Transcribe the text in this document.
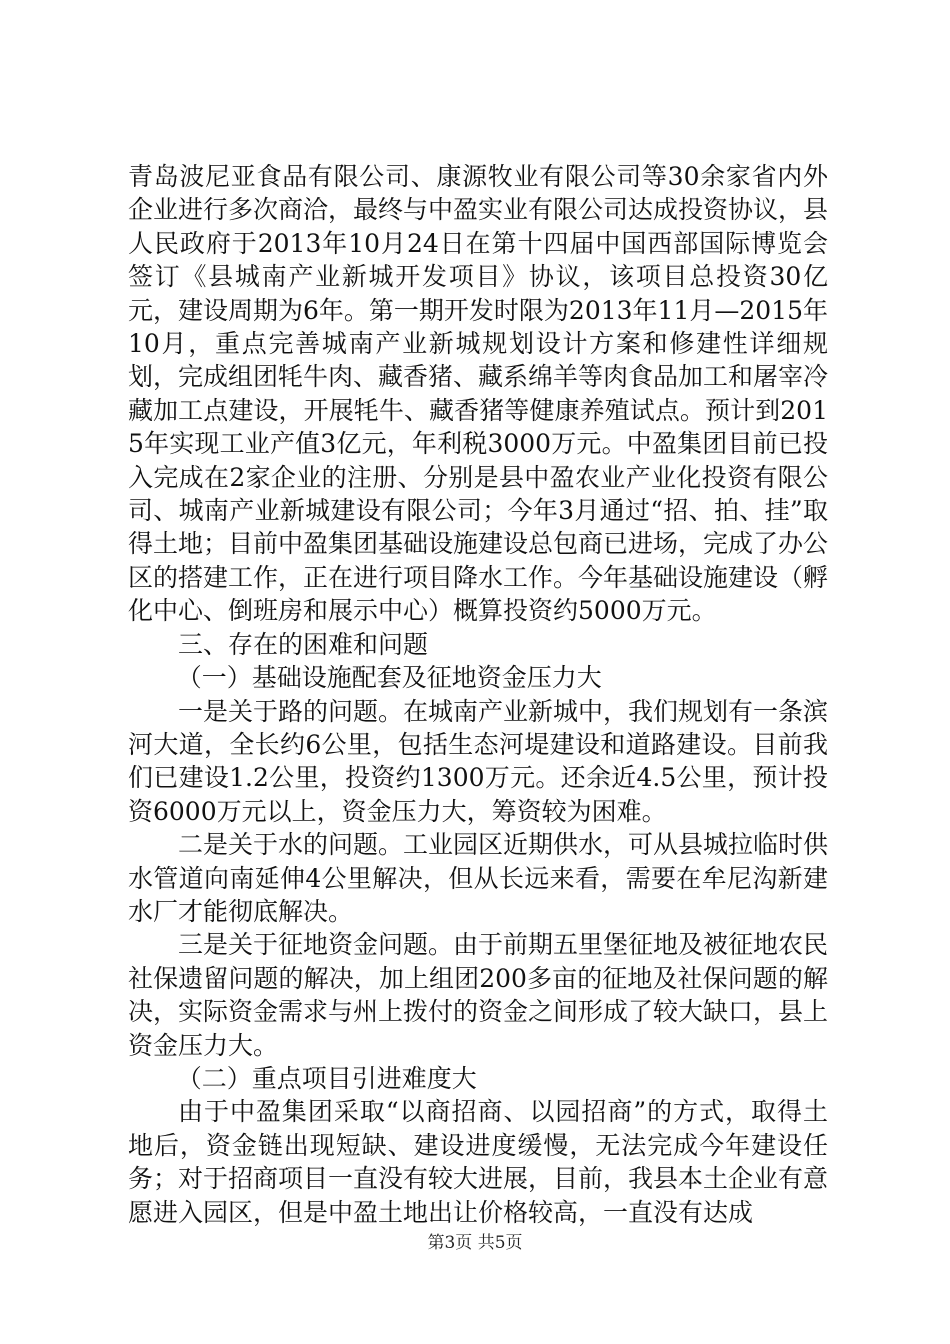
青岛波尼亚食品有限公司、康源牧业有限公司等30余家省内外企业进行多次商洽，最终与中盈实业有限公司达成投资协议，县人民政府于2013年10月24日在第十四届中国西部国际博览会签订《县城南产业新城开发项目》协议，该项目总投资30亿元，建设周期为6年。第一期开发时限为2013年11月—2015年10月，重点完善城南产业新城规划设计方案和修建性详细规划，完成组团牦牛肉、藏香猪、藏系绵羊等肉食品加工和屠宰冷藏加工点建设，开展牦牛、藏香猪等健康养殖试点。预计到2015年实现工业产值3亿元，年利税3000万元。中盈集团目前已投入完成在2家企业的注册、分别是县中盈农业产业化投资有限公司、城南产业新城建设有限公司；今年3月通过“招、拍、挂”取得土地；目前中盈集团基础设施建设总包商已进场，完成了办公区的搭建工作，正在进行项目降水工作。今年基础设施建设（孵化中心、倒班房和展示中心）概算投资约5000万元。

三、存在的困难和问题

（一）基础设施配套及征地资金压力大

一是关于路的问题。在城南产业新城中，我们规划有一条滨河大道，全长约6公里，包括生态河堤建设和道路建设。目前我们已建设1.2公里，投资约1300万元。还余近4.5公里，预计投资6000万元以上，资金压力大，筹资较为困难。

二是关于水的问题。工业园区近期供水，可从县城拉临时供水管道向南延伸4公里解决，但从长远来看，需要在牟尼沟新建水厂才能彻底解决。

三是关于征地资金问题。由于前期五里堡征地及被征地农民社保遗留问题的解决，加上组团200多亩的征地及社保问题的解决，实际资金需求与州上拨付的资金之间形成了较大缺口，县上资金压力大。

（二）重点项目引进难度大

由于中盈集团采取“以商招商、以园招商”的方式，取得土地后，资金链出现短缺、建设进度缓慢，无法完成今年建设任务；对于招商项目一直没有较大进展，目前，我县本土企业有意愿进入园区，但是中盈土地出让价格较高，一直没有达成

第3页 共5页
